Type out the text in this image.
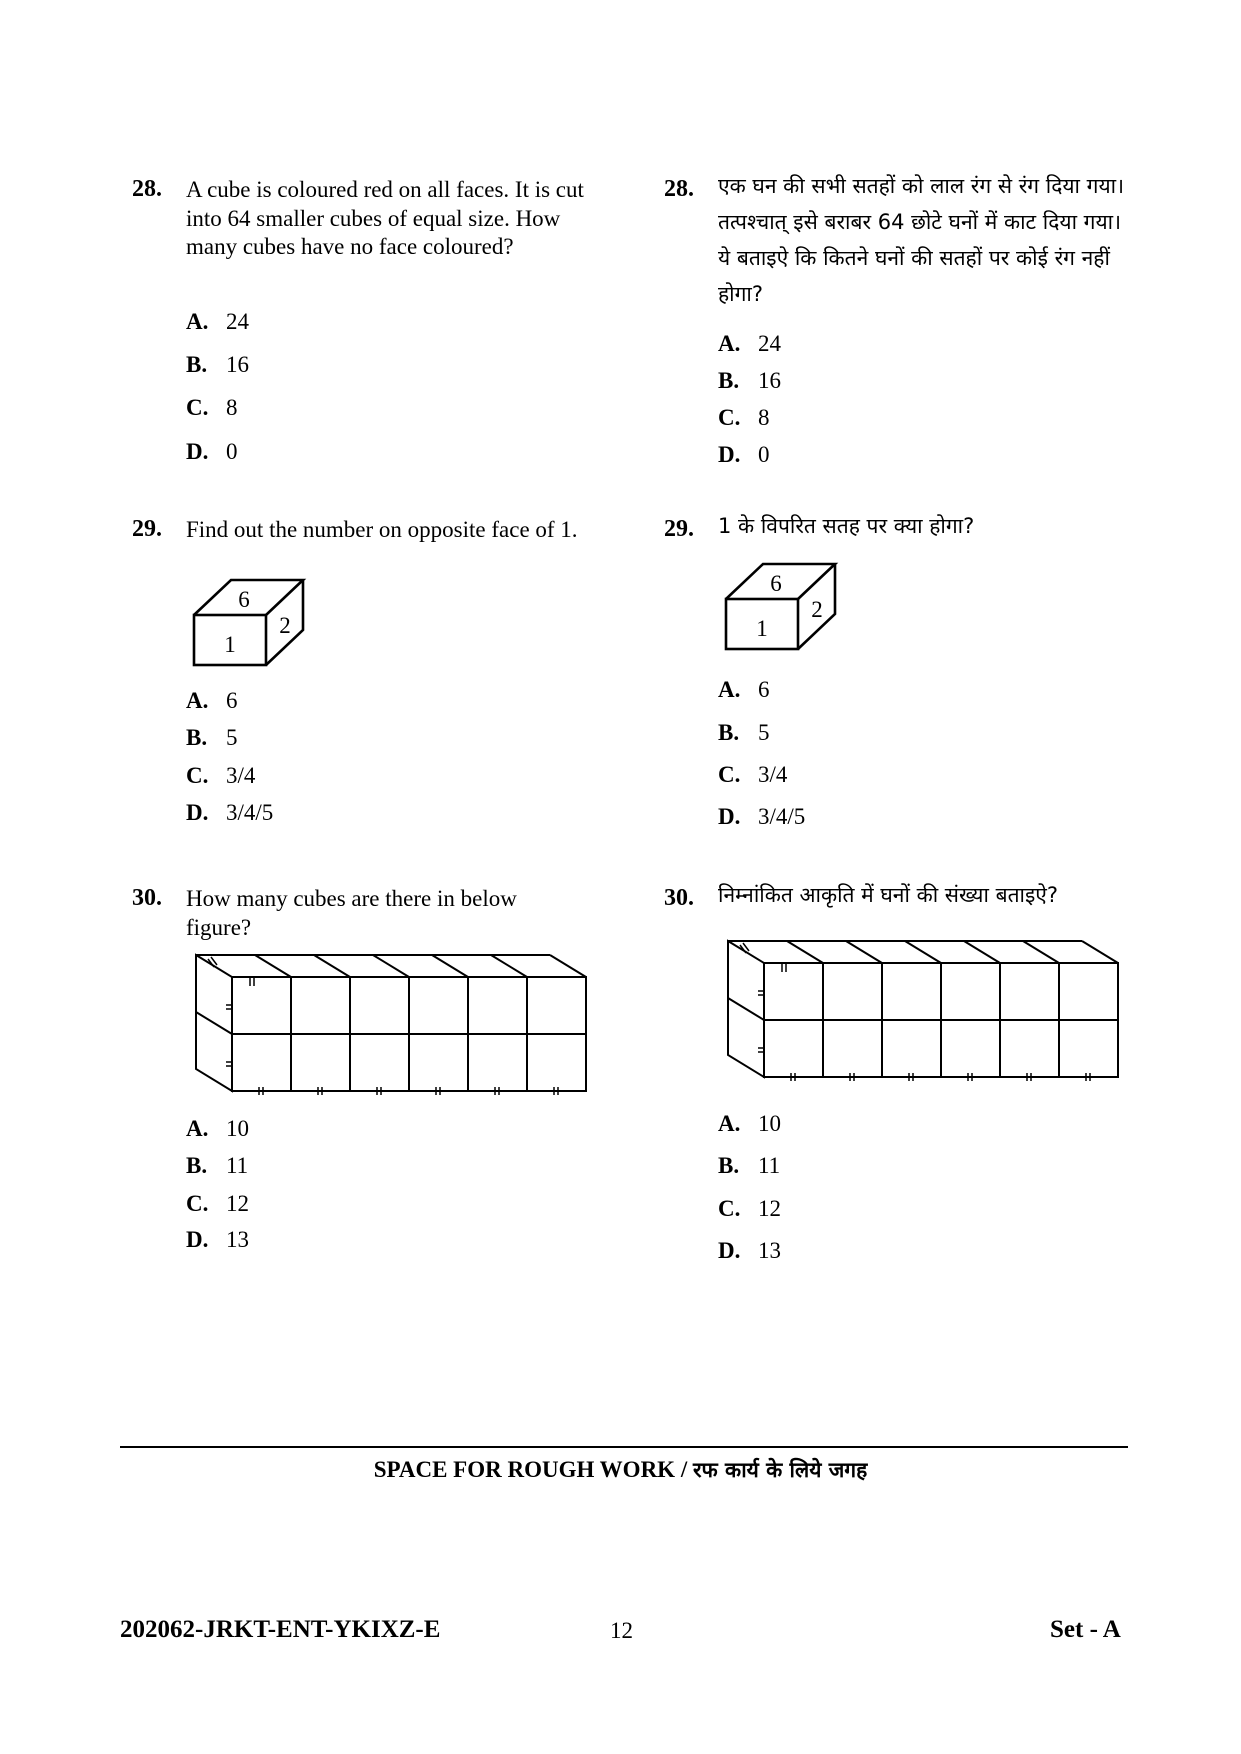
28. A cube is coloured red on all faces. It is cut into 64 smaller cubes of equal size. How many cubes have no face coloured?
A. 24
B. 16
C. 8
D. 0
29. Find out the number on opposite face of 1.
6
1
2
A. 6
B. 5
C. 3/4
D. 3/4/5
30. How many cubes are there in below figure?
A. 10
B. 11
C. 12
D. 13
28. एक घन की सभी सतहों को लाल रंग से रंग दिया गया। तत्पश्चात् इसे बराबर 64 छोटे घनों में काट दिया गया। ये बताइऐ कि कितने घनों की सतहों पर कोई रंग नहीं होगा?
A. 24
B. 16
C. 8
D. 0
29. 1 के विपरित सतह पर क्या होगा?
6
1
2
A. 6
B. 5
C. 3/4
D. 3/4/5
30. निम्नांकित आकृति में घनों की संख्या बताइऐ?
A. 10
B. 11
C. 12
D. 13
SPACE FOR ROUGH WORK / रफ कार्य के लिये जगह
202062-JRKT-ENT-YKIXZ-E	12	Set - A
